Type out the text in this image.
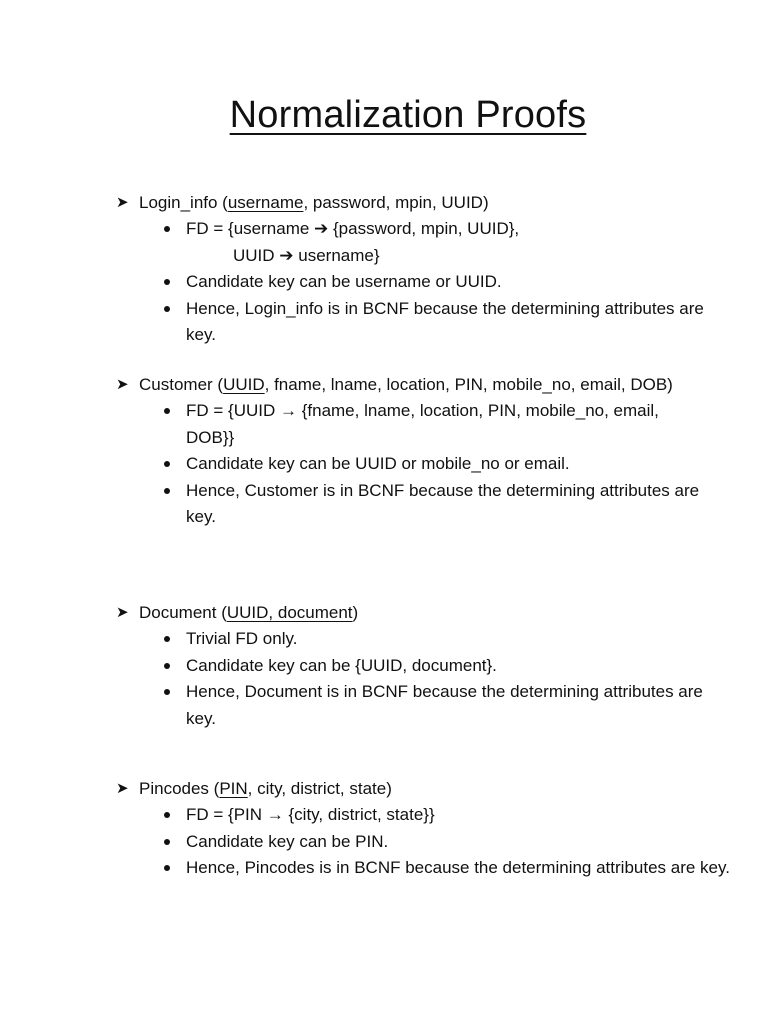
Normalization Proofs
➤ Login_info (username, password, mpin, UUID)
FD = {username ➔ {password, mpin, UUID},
UUID ➔ username}
Candidate key can be username or UUID.
Hence, Login_info is in BCNF because the determining attributes are key.
➤ Customer (UUID, fname, lname, location, PIN, mobile_no, email, DOB)
FD = {UUID → {fname, lname, location, PIN, mobile_no, email, DOB}}
Candidate key can be UUID or mobile_no or email.
Hence, Customer is in BCNF because the determining attributes are key.
➤ Document (UUID, document)
Trivial FD only.
Candidate key can be {UUID, document}.
Hence, Document is in BCNF because the determining attributes are key.
➤ Pincodes (PIN, city, district, state)
FD = {PIN → {city, district, state}}
Candidate key can be PIN.
Hence, Pincodes is in BCNF because the determining attributes are key.
